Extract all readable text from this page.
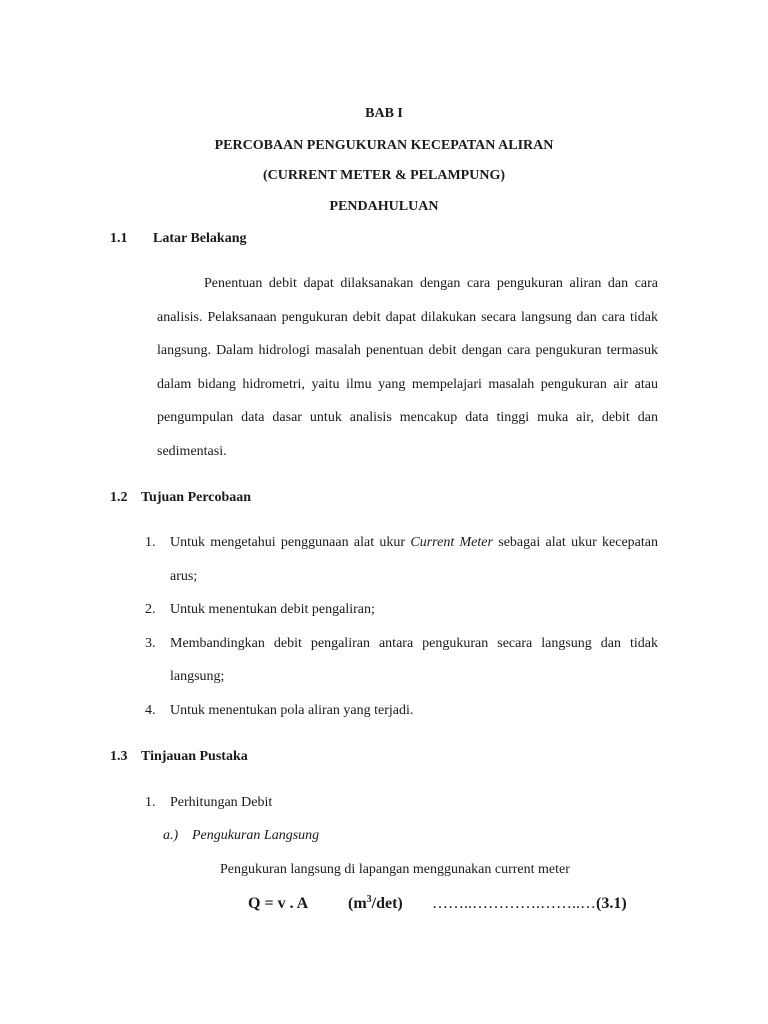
BAB I
PERCOBAAN PENGUKURAN KECEPATAN ALIRAN
(CURRENT METER & PELAMPUNG)
PENDAHULUAN
1.1 Latar Belakang
Penentuan debit dapat dilaksanakan dengan cara pengukuran aliran dan cara analisis. Pelaksanaan pengukuran debit dapat dilakukan secara langsung dan cara tidak langsung. Dalam hidrologi masalah penentuan debit dengan cara pengukuran termasuk dalam bidang hidrometri, yaitu ilmu yang mempelajari masalah pengukuran air atau pengumpulan data dasar untuk analisis mencakup data tinggi muka air, debit dan sedimentasi.
1.2 Tujuan Percobaan
1. Untuk mengetahui penggunaan alat ukur Current Meter sebagai alat ukur kecepatan arus;
2. Untuk menentukan debit pengaliran;
3. Membandingkan debit pengaliran antara pengukuran secara langsung dan tidak langsung;
4. Untuk menentukan pola aliran yang terjadi.
1.3 Tinjauan Pustaka
1. Perhitungan Debit
a.) Pengukuran Langsung
Pengukuran langsung di lapangan menggunakan current meter
Q = v . A $(m^3/\det)$ ……..………….……..…(3.1)
